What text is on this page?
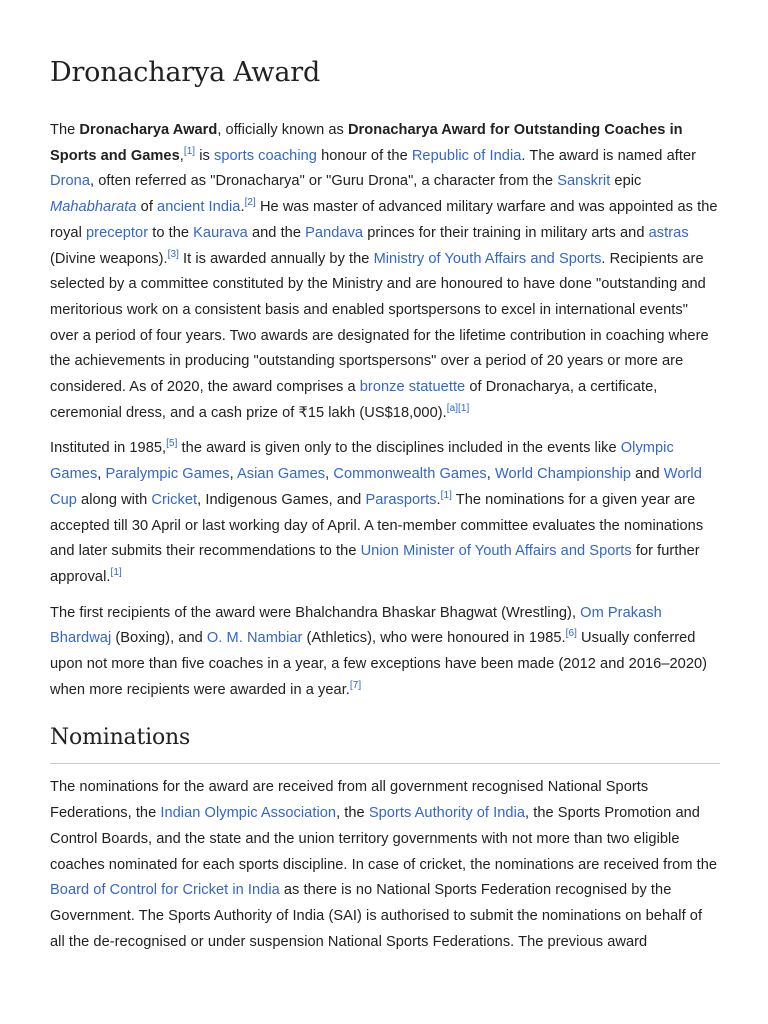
Dronacharya Award

The Dronacharya Award, officially known as Dronacharya Award for Outstanding Coaches in Sports and Games,[1] is sports coaching honour of the Republic of India. The award is named after Drona, often referred as "Dronacharya" or "Guru Drona", a character from the Sanskrit epic Mahabharata of ancient India.[2] He was master of advanced military warfare and was appointed as the royal preceptor to the Kaurava and the Pandava princes for their training in military arts and astras (Divine weapons).[3] It is awarded annually by the Ministry of Youth Affairs and Sports. Recipients are selected by a committee constituted by the Ministry and are honoured to have done "outstanding and meritorious work on a consistent basis and enabled sportspersons to excel in international events" over a period of four years. Two awards are designated for the lifetime contribution in coaching where the achievements in producing "outstanding sportspersons" over a period of 20 years or more are considered. As of 2020, the award comprises a bronze statuette of Dronacharya, a certificate, ceremonial dress, and a cash prize of ₹15 lakh (US$18,000).[a][1]

Instituted in 1985,[5] the award is given only to the disciplines included in the events like Olympic Games, Paralympic Games, Asian Games, Commonwealth Games, World Championship and World Cup along with Cricket, Indigenous Games, and Parasports.[1] The nominations for a given year are accepted till 30 April or last working day of April. A ten-member committee evaluates the nominations and later submits their recommendations to the Union Minister of Youth Affairs and Sports for further approval.[1]

The first recipients of the award were Bhalchandra Bhaskar Bhagwat (Wrestling), Om Prakash Bhardwaj (Boxing), and O. M. Nambiar (Athletics), who were honoured in 1985.[6] Usually conferred upon not more than five coaches in a year, a few exceptions have been made (2012 and 2016–2020) when more recipients were awarded in a year.[7]

Nominations

The nominations for the award are received from all government recognised National Sports Federations, the Indian Olympic Association, the Sports Authority of India, the Sports Promotion and Control Boards, and the state and the union territory governments with not more than two eligible coaches nominated for each sports discipline. In case of cricket, the nominations are received from the Board of Control for Cricket in India as there is no National Sports Federation recognised by the Government. The Sports Authority of India (SAI) is authorised to submit the nominations on behalf of all the de-recognised or under suspension National Sports Federations. The previous award
